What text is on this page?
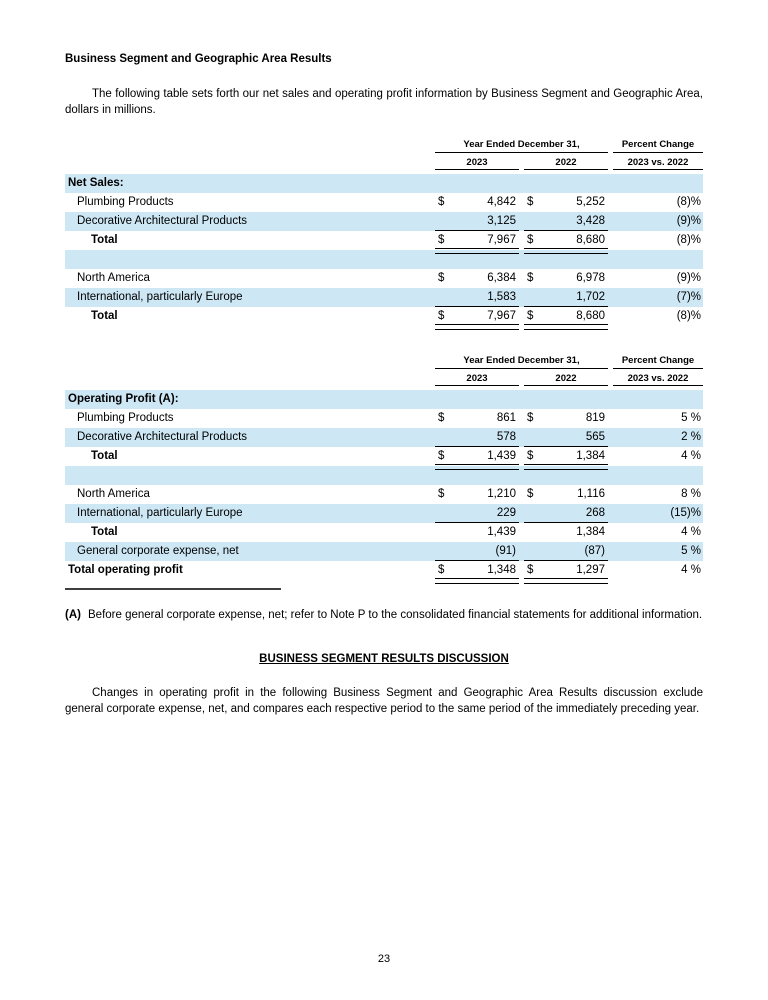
Business Segment and Geographic Area Results

The following table sets forth our net sales and operating profit information by Business Segment and Geographic Area, dollars in millions.

Year Ended December 31,	Percent Change
2023	2022	2023 vs. 2022
Net Sales:
Plumbing Products	$	4,842 $	5,252	(8)%
Decorative Architectural Products	3,125	3,428	(9)%
Total	$	7,967 $	8,680	(8)%
North America	$	6,384 $	6,978	(9)%
International, particularly Europe	1,583	1,702	(7)%
Total	$	7,967 $	8,680	(8)%
Year Ended December 31,	Percent Change
2023	2022	2023 vs. 2022
Operating Profit (A):
Plumbing Products	$	861 $	819	5 %
Decorative Architectural Products	578	565	2 %
Total	$	1,439 $	1,384	4 %
North America	$	1,210 $	1,116	8 %
International, particularly Europe	229	268	(15)%
Total	1,439	1,384	4 %
General corporate expense, net	(91)	(87)	5 %
Total operating profit	$	1,348 $	1,297	4 %
(A) Before general corporate expense, net; refer to Note P to the consolidated financial statements for additional information.
BUSINESS SEGMENT RESULTS DISCUSSION

Changes in operating profit in the following Business Segment and Geographic Area Results discussion exclude general corporate expense, net, and compares each respective period to the same period of the immediately preceding year.

23
